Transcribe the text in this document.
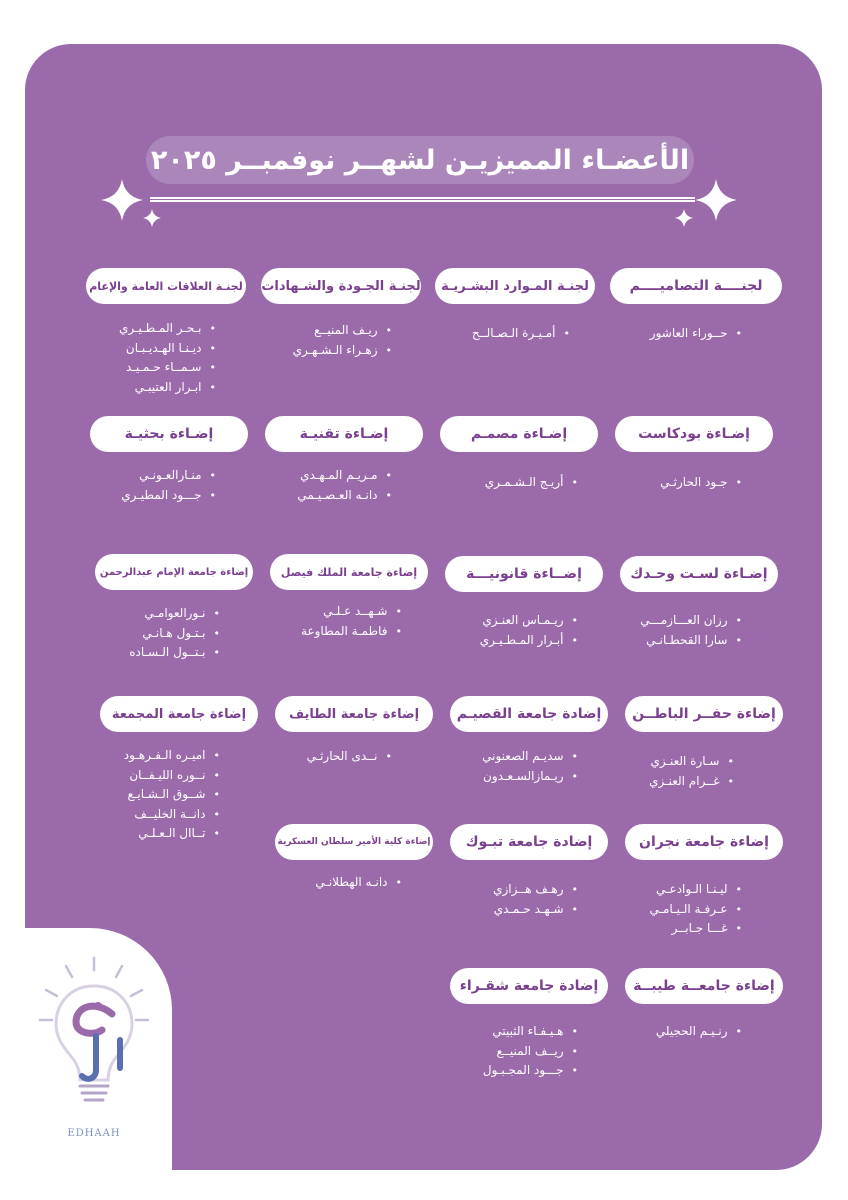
الأعضـاء المميزيـن لشهــر نوفمبــر ٢٠٢٥
لجنــــة التصاميــــم
• حــوراء العاشور
لجنـة المـوارد البشـريـة
• أمـيـرة الـصـالــح
لجنـة الجـودة والشـهادات
• ريـف المنيــع
• زهـراء الـشـهـري
لجنـة العلاقات العامة والإعام
• بـحـر المـطـيـري
• ديـنـا الهـديـبـان
• سـمــاء حـمـيـد
• ابـرار العتيبـي
إضـاءة بودكاست
• جـود الحارثـي
إضـاءة مصمـم
• أريـج الـشـمـري
إضـاءة تقنيـة
• مـريـم المـهـدي
• دانـه العـصـيـمي
إضـاءة بحثيـة
• منـارالعـونـي
• جـــود المطيـري
إضـاءة لسـت وحـدك
• رزان العـــازمـــي
• سارا القحطـانـي
إضــاءة قانونيـــة
• ريـمـاس العنـزي
• أبـرار المـطـيـري
إضاءة جامعة الملك فيصل
• شـهــد عـلـي
• فاطمـة المطاوعة
إضاءة جامعة الإمام عبدالرحمن
• نـورالعوامـي
• بـتـول هـانـي
• بـتــول الـسـاده
إضاءة حفــر الباطــن
• سـارة العنـزي
• غــرام العنـزي
إضادة جامعة القصيـم
• سديـم الصعنوني
• ريـمازالسـعـدون
إضاءة جامعة الطايف
• نــدى الحارثـي
إضاءة جامعة المجمعة
• اميـره الـفـرهـود
• نــوره الليـفــان
• شــوق الـشـايـع
• دانــة الخليــف
• تــاال الـعـلـي
إضاءة جامعة نجران
• ليـنـا الـوادعـي
• عـرفـة الـيـامـي
• غـــا جـابــر
إضادة جامعة تبـوك
• رهـف هــزازي
• شـهـد حـمـدي
إضاءة كلية الأمير سلطان العسكرية
• دانـه الهطلانـي
إضاءة جامعــة طيبــة
• رنـيـم الحجيلي
إضادة جامعة شقـراء
• هـيـفـاء الثبيتي
• ريــف المنيــع
• جـــود المجـبـول
EDHAAH
